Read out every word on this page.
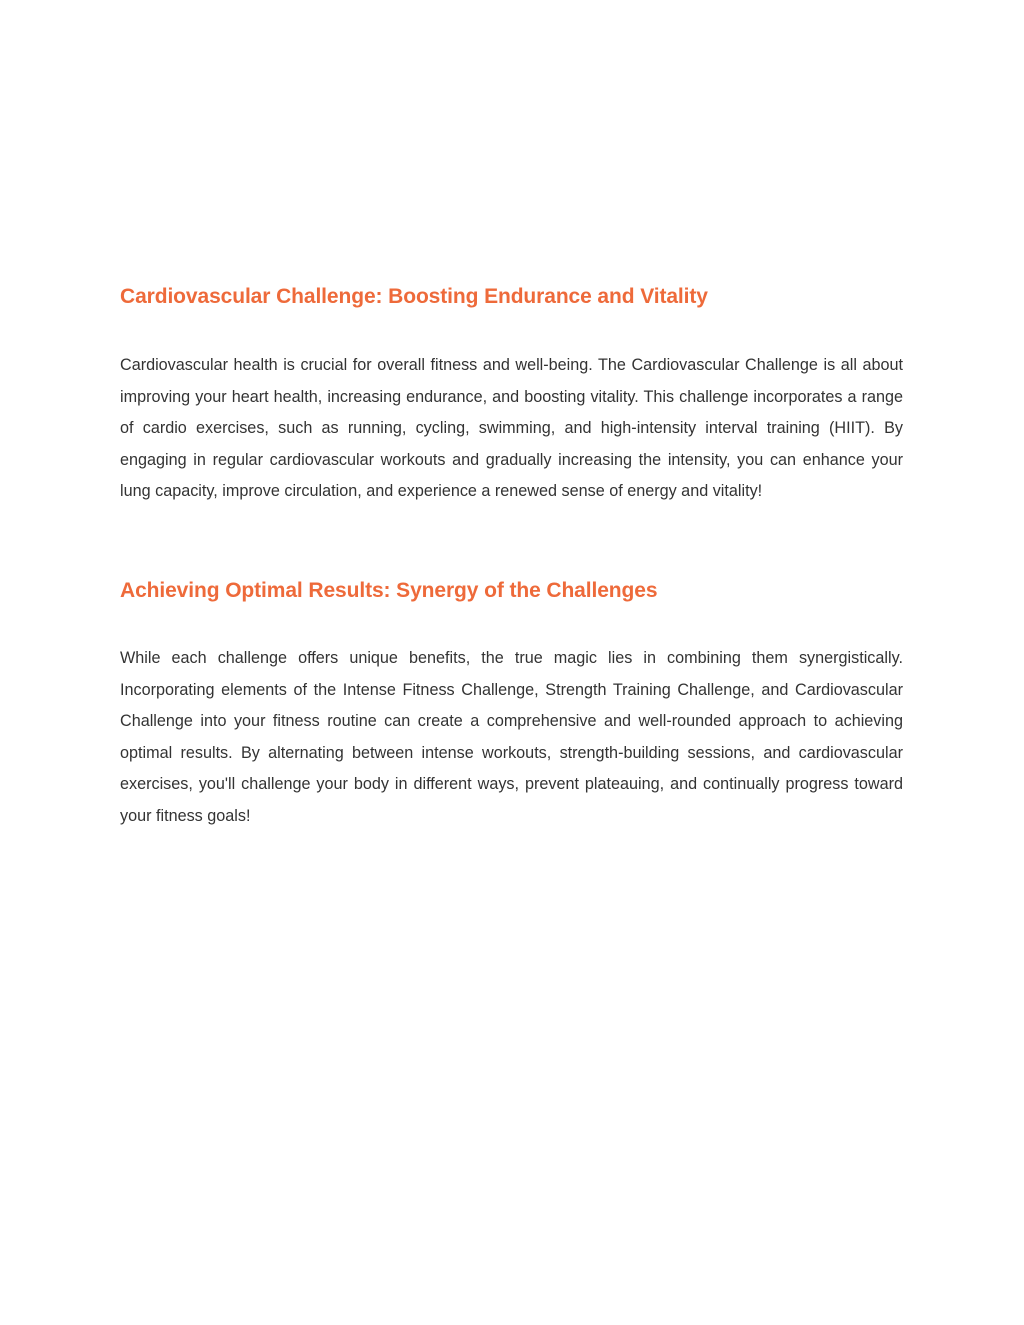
Cardiovascular Challenge: Boosting Endurance and Vitality

Cardiovascular health is crucial for overall fitness and well-being. The Cardiovascular Challenge is all about improving your heart health, increasing endurance, and boosting vitality. This challenge incorporates a range of cardio exercises, such as running, cycling, swimming, and high-intensity interval training (HIIT). By engaging in regular cardiovascular workouts and gradually increasing the intensity, you can enhance your lung capacity, improve circulation, and experience a renewed sense of energy and vitality!

Achieving Optimal Results: Synergy of the Challenges

While each challenge offers unique benefits, the true magic lies in combining them synergistically. Incorporating elements of the Intense Fitness Challenge, Strength Training Challenge, and Cardiovascular Challenge into your fitness routine can create a comprehensive and well-rounded approach to achieving optimal results. By alternating between intense workouts, strength-building sessions, and cardiovascular exercises, you'll challenge your body in different ways, prevent plateauing, and continually progress toward your fitness goals!
